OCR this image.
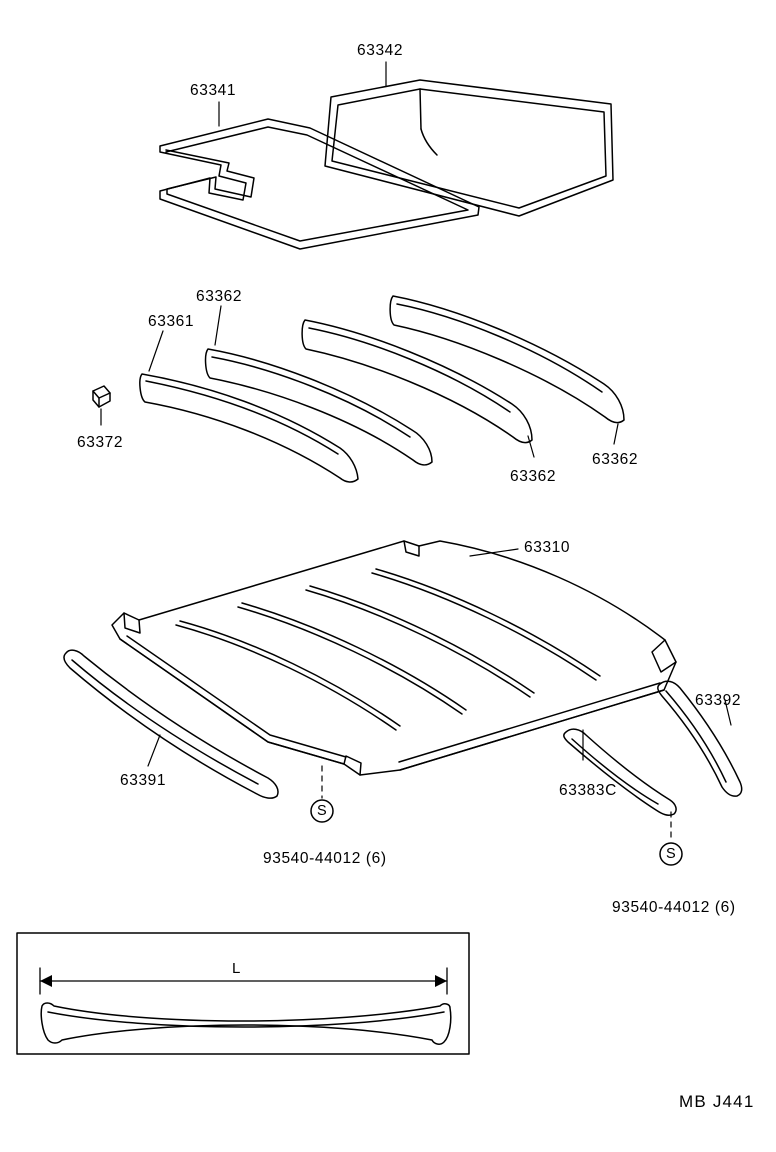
63342
63341
63362
63361
63372
63362
63362
63310
63392
63391
63383C
93540-44012 (6)
93540-44012 (6)
S
S
L
MB J441
